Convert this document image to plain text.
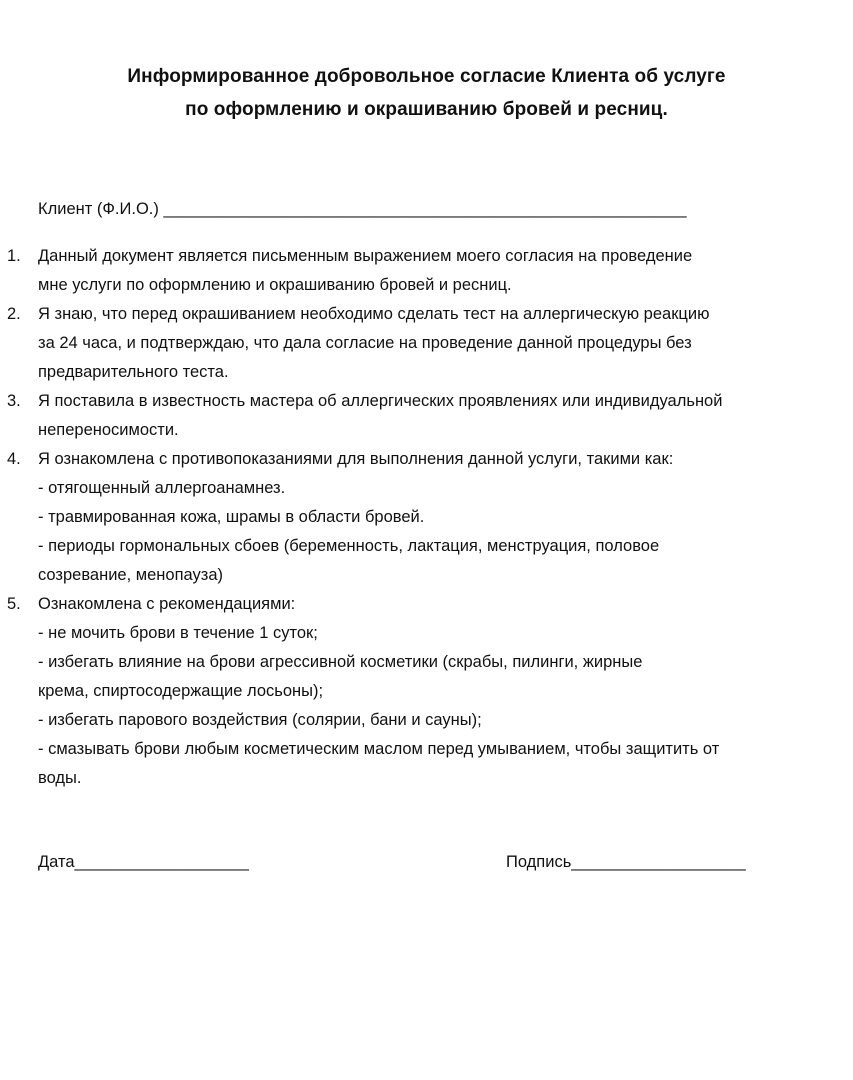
Информированное добровольное согласие Клиента об услуге
по оформлению и окрашиванию бровей и ресниц.
Клиент (Ф.И.О.) _________________________________________________________
1. Данный документ является письменным выражением моего согласия на проведение
мне услуги по оформлению и окрашиванию бровей и ресниц.
2. Я знаю, что перед окрашиванием необходимо сделать тест на аллергическую реакцию
за 24 часа, и подтверждаю, что дала согласие на проведение данной процедуры без
предварительного теста.
3. Я поставила в известность мастера об аллергических проявлениях или индивидуальной
непереносимости.
4. Я ознакомлена с противопоказаниями для выполнения данной услуги, такими как:
- отягощенный аллергоанамнез.
- травмированная кожа, шрамы в области бровей.
- периоды гормональных сбоев (беременность, лактация, менструация, половое
созревание, менопауза)
5. Ознакомлена с рекомендациями:
- не мочить брови в течение 1 суток;
- избегать влияние на брови агрессивной косметики (скрабы, пилинги, жирные
крема, спиртосодержащие лосьоны);
- избегать парового воздействия (солярии, бани и сауны);
- смазывать брови любым косметическим маслом перед умыванием, чтобы защитить от
воды.
Дата___________________	Подпись___________________
